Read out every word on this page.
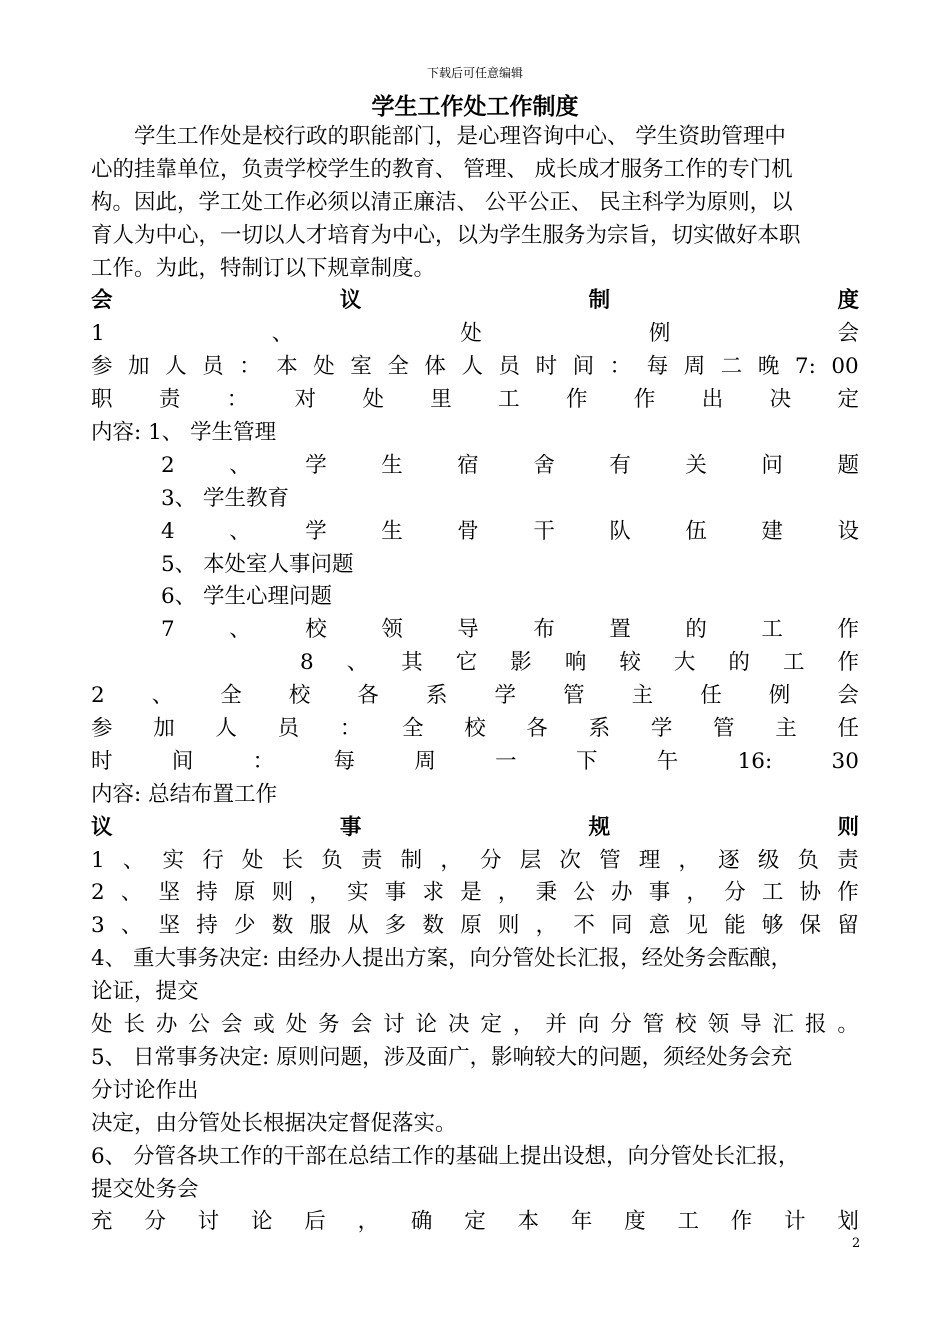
下载后可任意编辑
学生工作处工作制度
　　学生工作处是校行政的职能部门，是心理咨询中心、 学生资助管理中
心的挂靠单位，负责学校学生的教育、 管理、 成长成才服务工作的专门机
构。因此，学工处工作必须以清正廉洁、 公平公正、 民主科学为原则，以
育人为中心，一切以人才培育为中心，以为学生服务为宗旨，切实做好本职
工作。为此，特制订以下规章制度。
会	议	制	度
1	、	处	例	会
参 加 人 员 ： 本 处 室 全 体 人 员 时 间 ： 每 周 二 晚 7: 00
职 责 ： 对 处 里 工 作 作 出 决 定
内容: 1、 学生管理
2	、	学	生	宿	舍	有	关	问	题
3、 学生教育
4	、	学	生	骨	干	队	伍	建	设
5、 本处室人事问题
6、 学生心理问题
7	、	校	领	导	布	置	的	工	作
8 、 其 它 影 响 较 大 的 工 作
2 、 全 校 各 系 学 管 主 任 例 会
参 加 人 员 ： 全 校 各 系 学 管 主 任
时	间	：	每	周	一	下	午	16:	30
内容: 总结布置工作
议	事	规	则
1 、 实 行 处 长 负 责 制 ， 分 层 次 管 理 ， 逐 级 负 责
2 、 坚 持 原 则 ， 实 事 求 是 ， 秉 公 办 事 ， 分 工 协 作
3 、 坚 持 少 数 服 从 多 数 原 则 ， 不 同 意 见 能 够 保 留
4、 重大事务决定: 由经办人提出方案，向分管处长汇报，经处务会酝酿，
论证，提交
处 长 办 公 会 或 处 务 会 讨 论 决 定 ， 并 向 分 管 校 领 导 汇 报 。
5、 日常事务决定: 原则问题，涉及面广，影响较大的问题，须经处务会充
分讨论作出
决定，由分管处长根据决定督促落实。
6、 分管各块工作的干部在总结工作的基础上提出设想，向分管处长汇报，
提交处务会
充 分 讨 论 后 ， 确 定 本 年 度 工 作 计 划
2
